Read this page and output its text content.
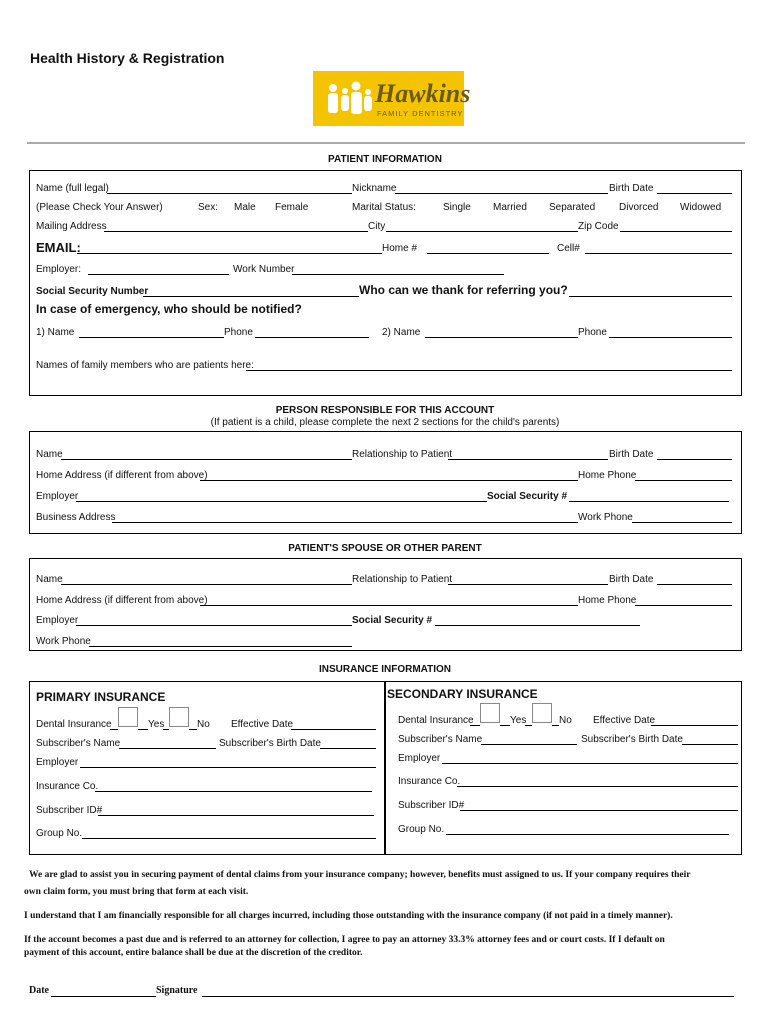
Health History & Registration
Hawkins
FAMILY DENTISTRY
PATIENT INFORMATION
Name (full legal)	Nickname	Birth Date
(Please Check Your Answer)	Sex: Male Female	Marital Status:	Single Married Separated Divorced Widowed
Mailing Address	City	Zip Code
EMAIL:	Home #	Cell#
Employer:	Work Number
Social Security Number	Who can we thank for referring you?
In case of emergency, who should be notified?
1) Name	Phone	2) Name	Phone
Names of family members who are patients here:
PERSON RESPONSIBLE FOR THIS ACCOUNT
(If patient is a child, please complete the next 2 sections for the child's parents)
Name	Relationship to Patient	Birth Date
Home Address (if different from above)	Home Phone
Employer	Social Security #
Business Address	Work Phone
PATIENT'S SPOUSE OR OTHER PARENT
Name	Relationship to Patient	Birth Date
Home Address (if different from above)	Home Phone
Employer	Social Security #
Work Phone
INSURANCE INFORMATION
PRIMARY INSURANCE
Dental Insurance	Yes	No Effective Date
Subscriber's Name	Subscriber's Birth Date
Employer
Insurance Co.
Subscriber ID#
Group No.
SECONDARY INSURANCE
Dental Insurance	Yes	No Effective Date
Subscriber's Name	Subscriber's Birth Date
Employer
Insurance Co.
Subscriber ID#
Group No.
We are glad to assist you in securing payment of dental claims from your insurance company; however, benefits must assigned to us. If your company requires their
own claim form, you must bring that form at each visit.
I understand that I am financially responsible for all charges incurred, including those outstanding with the insurance company (if not paid in a timely manner).
If the account becomes a past due and is referred to an attorney for collection, I agree to pay an attorney 33.3% attorney fees and or court costs. If I default on
payment of this account, entire balance shall be due at the discretion of the creditor.
Date	Signature
